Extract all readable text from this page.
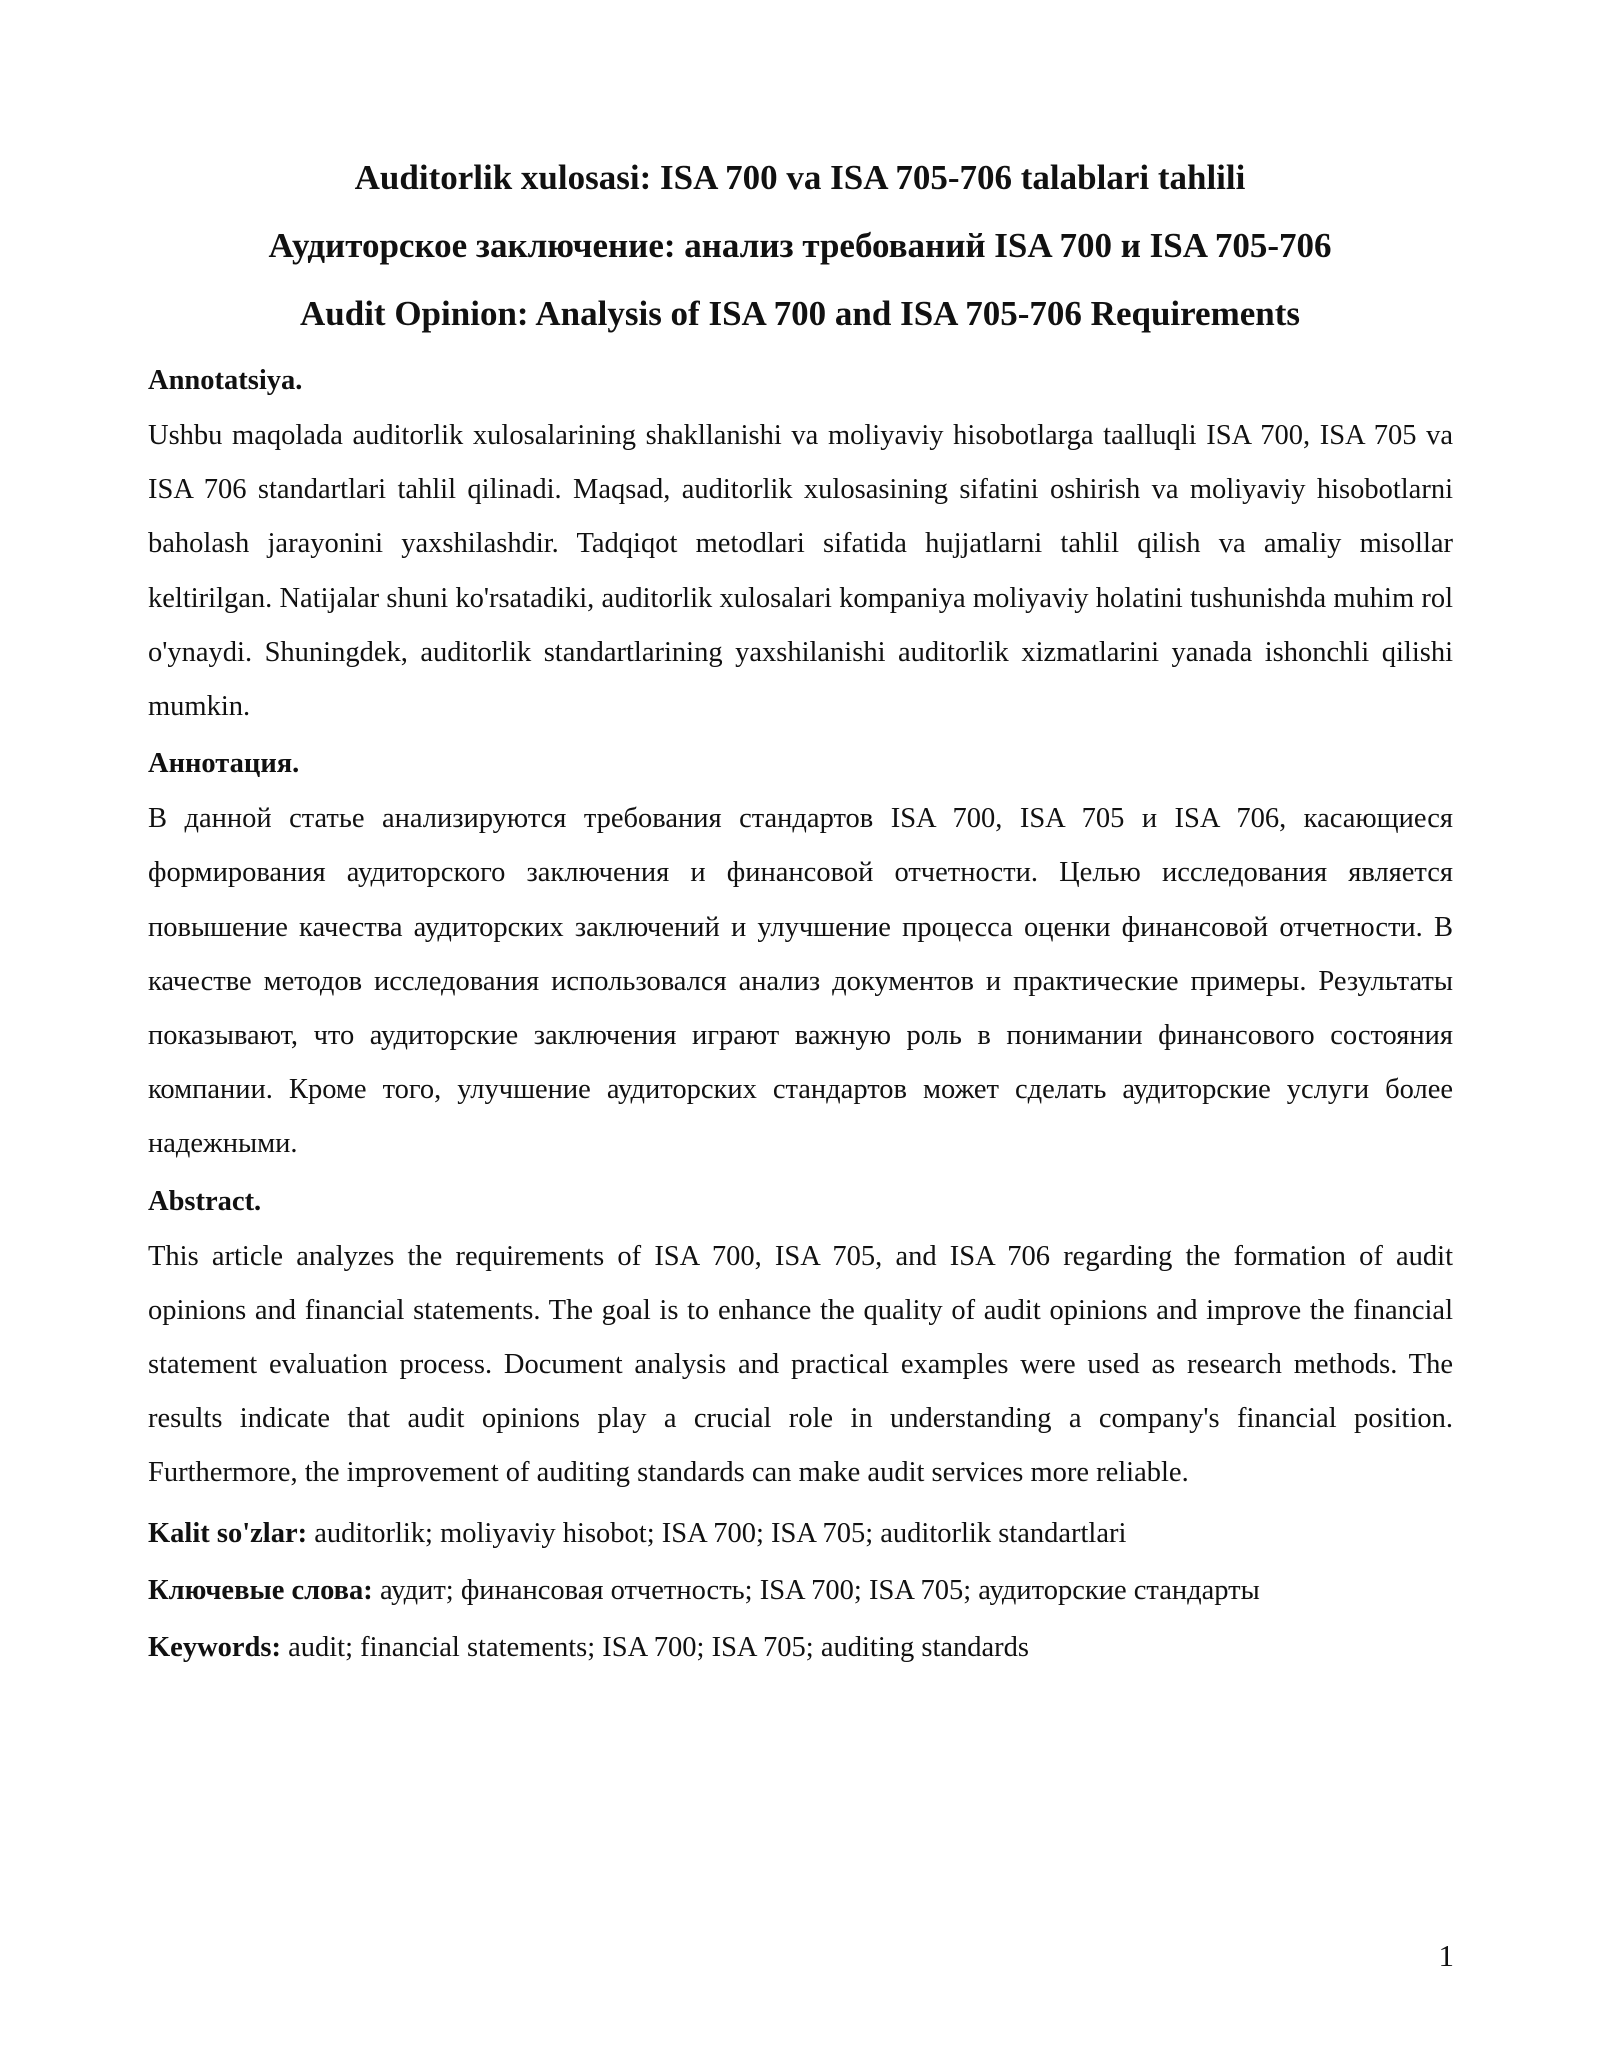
Auditorlik xulosasi: ISA 700 va ISA 705-706 talablari tahlili

Аудиторское заключение: анализ требований ISA 700 и ISA 705-706

Audit Opinion: Analysis of ISA 700 and ISA 705-706 Requirements

Annotatsiya.

Ushbu maqolada auditorlik xulosalarining shakllanishi va moliyaviy hisobotlarga taalluqli ISA 700, ISA 705 va ISA 706 standartlari tahlil qilinadi. Maqsad, auditorlik xulosasining sifatini oshirish va moliyaviy hisobotlarni baholash jarayonini yaxshilashdir. Tadqiqot metodlari sifatida hujjatlarni tahlil qilish va amaliy misollar keltirilgan. Natijalar shuni ko'rsatadiki, auditorlik xulosalari kompaniya moliyaviy holatini tushunishda muhim rol o'ynaydi. Shuningdek, auditorlik standartlarining yaxshilanishi auditorlik xizmatlarini yanada ishonchli qilishi mumkin.

Аннотация.

В данной статье анализируются требования стандартов ISA 700, ISA 705 и ISA 706, касающиеся формирования аудиторского заключения и финансовой отчетности. Целью исследования является повышение качества аудиторских заключений и улучшение процесса оценки финансовой отчетности. В качестве методов исследования использовался анализ документов и практические примеры. Результаты показывают, что аудиторские заключения играют важную роль в понимании финансового состояния компании. Кроме того, улучшение аудиторских стандартов может сделать аудиторские услуги более надежными.

Abstract.

This article analyzes the requirements of ISA 700, ISA 705, and ISA 706 regarding the formation of audit opinions and financial statements. The goal is to enhance the quality of audit opinions and improve the financial statement evaluation process. Document analysis and practical examples were used as research methods. The results indicate that audit opinions play a crucial role in understanding a company's financial position. Furthermore, the improvement of auditing standards can make audit services more reliable.

Kalit so'zlar: auditorlik; moliyaviy hisobot; ISA 700; ISA 705; auditorlik standartlari

Ключевые слова: аудит; финансовая отчетность; ISA 700; ISA 705; аудиторские стандарты

Keywords: audit; financial statements; ISA 700; ISA 705; auditing standards

1
